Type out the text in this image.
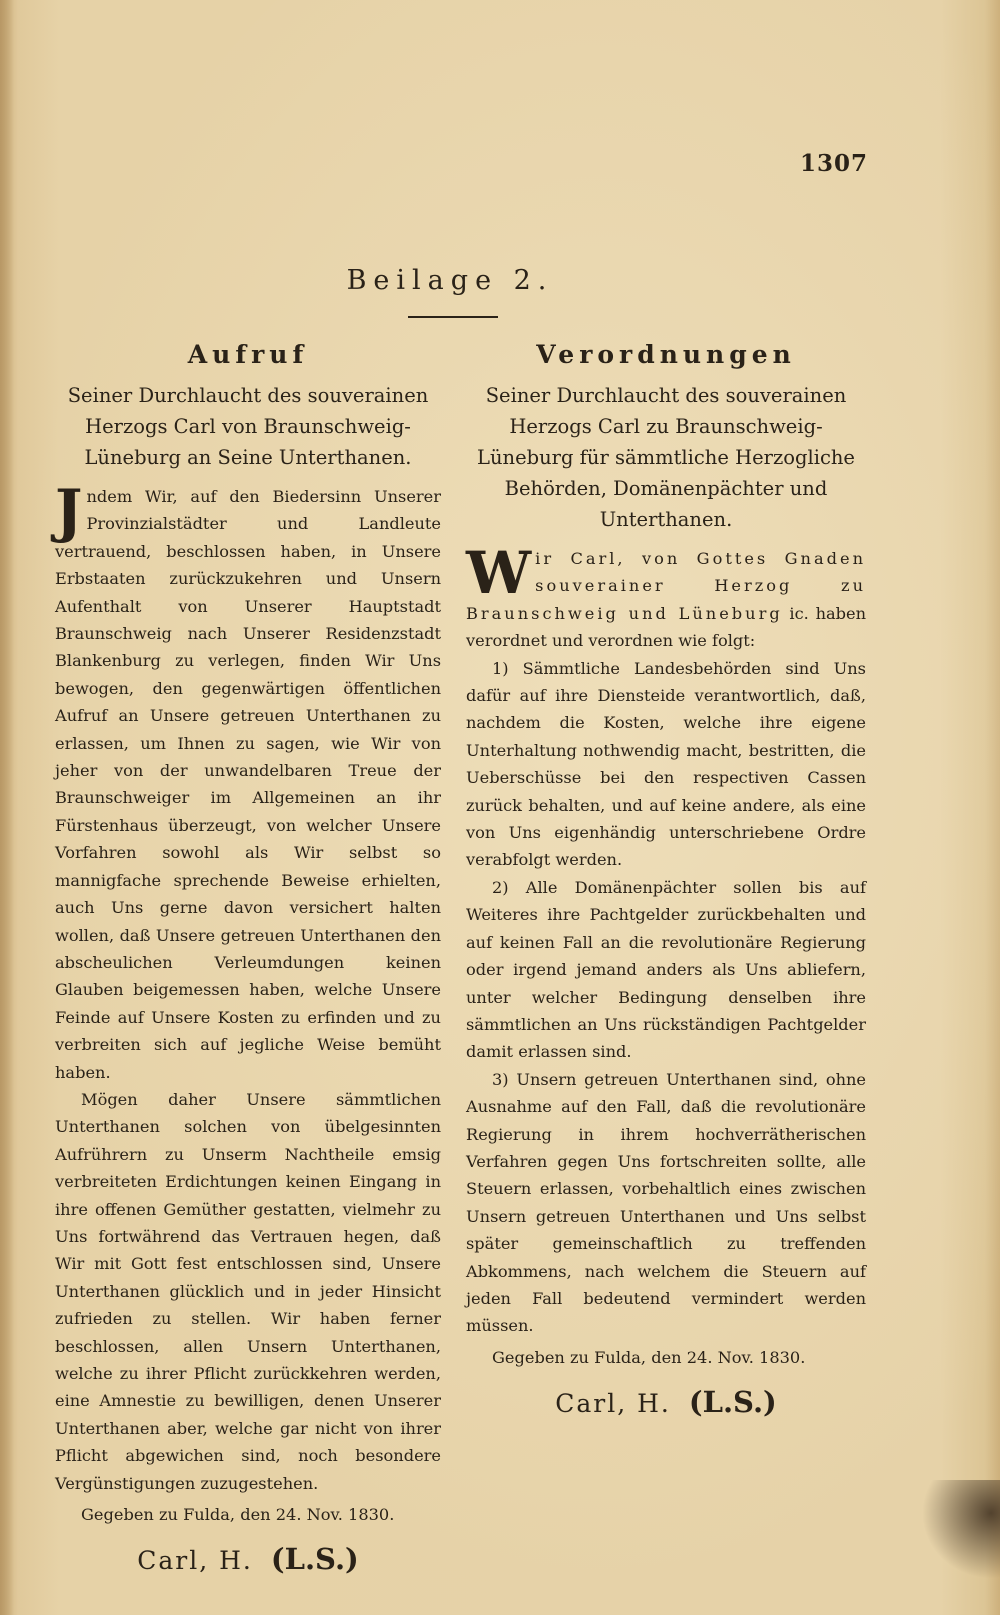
1307
Beilage 2.
Aufruf
Seiner Durchlaucht des souverainen Herzogs Carl von Braunschweig-Lüneburg an Seine Unterthanen.

Jndem Wir, auf den Biedersinn Unserer Provinzialstädter und Landleute vertrauend, beschlossen haben, in Unsere Erbstaaten zurückzukehren und Unsern Aufenthalt von Unserer Hauptstadt Braunschweig nach Unserer Residenzstadt Blankenburg zu verlegen, finden Wir Uns bewogen, den gegenwärtigen öffentlichen Aufruf an Unsere getreuen Unterthanen zu erlassen, um Ihnen zu sagen, wie Wir von jeher von der unwandelbaren Treue der Braunschweiger im Allgemeinen an ihr Fürstenhaus überzeugt, von welcher Unsere Vorfahren sowohl als Wir selbst so mannigfache sprechende Beweise erhielten, auch Uns gerne davon versichert halten wollen, daß Unsere getreuen Unterthanen den abscheulichen Verleumdungen keinen Glauben beigemessen haben, welche Unsere Feinde auf Unsere Kosten zu erfinden und zu verbreiten sich auf jegliche Weise bemüht haben.

Mögen daher Unsere sämmtlichen Unterthanen solchen von übelgesinnten Aufrührern zu Unserm Nachtheile emsig verbreiteten Erdichtungen keinen Eingang in ihre offenen Gemüther gestatten, vielmehr zu Uns fortwährend das Vertrauen hegen, daß Wir mit Gott fest entschlossen sind, Unsere Unterthanen glücklich und in jeder Hinsicht zufrieden zu stellen. Wir haben ferner beschlossen, allen Unsern Unterthanen, welche zu ihrer Pflicht zurückkehren werden, eine Amnestie zu bewilligen, denen Unserer Unterthanen aber, welche gar nicht von ihrer Pflicht abgewichen sind, noch besondere Vergünstigungen zuzugestehen.

Gegeben zu Fulda, den 24. Nov. 1830.

Carl, H. (L.S.)
Verordnungen
Seiner Durchlaucht des souverainen Herzogs Carl zu Braunschweig-Lüneburg für sämmtliche Herzogliche Behörden, Domänenpächter und Unterthanen.

Wir Carl, von Gottes Gnaden souverainer Herzog zu Braunschweig und Lüneburg ic. haben verordnet und verordnen wie folgt:

1) Sämmtliche Landesbehörden sind Uns dafür auf ihre Diensteide verantwortlich, daß, nachdem die Kosten, welche ihre eigene Unterhaltung nothwendig macht, bestritten, die Ueberschüsse bei den respectiven Cassen zurück behalten, und auf keine andere, als eine von Uns eigenhändig unterschriebene Ordre verabfolgt werden.

2) Alle Domänenpächter sollen bis auf Weiteres ihre Pachtgelder zurückbehalten und auf keinen Fall an die revolutionäre Regierung oder irgend jemand anders als Uns abliefern, unter welcher Bedingung denselben ihre sämmtlichen an Uns rückständigen Pachtgelder damit erlassen sind.

3) Unsern getreuen Unterthanen sind, ohne Ausnahme auf den Fall, daß die revolutionäre Regierung in ihrem hochverrätherischen Verfahren gegen Uns fortschreiten sollte, alle Steuern erlassen, vorbehaltlich eines zwischen Unsern getreuen Unterthanen und Uns selbst später gemeinschaftlich zu treffenden Abkommens, nach welchem die Steuern auf jeden Fall bedeutend vermindert werden müssen.

Gegeben zu Fulda, den 24. Nov. 1830.

Carl, H. (L.S.)
